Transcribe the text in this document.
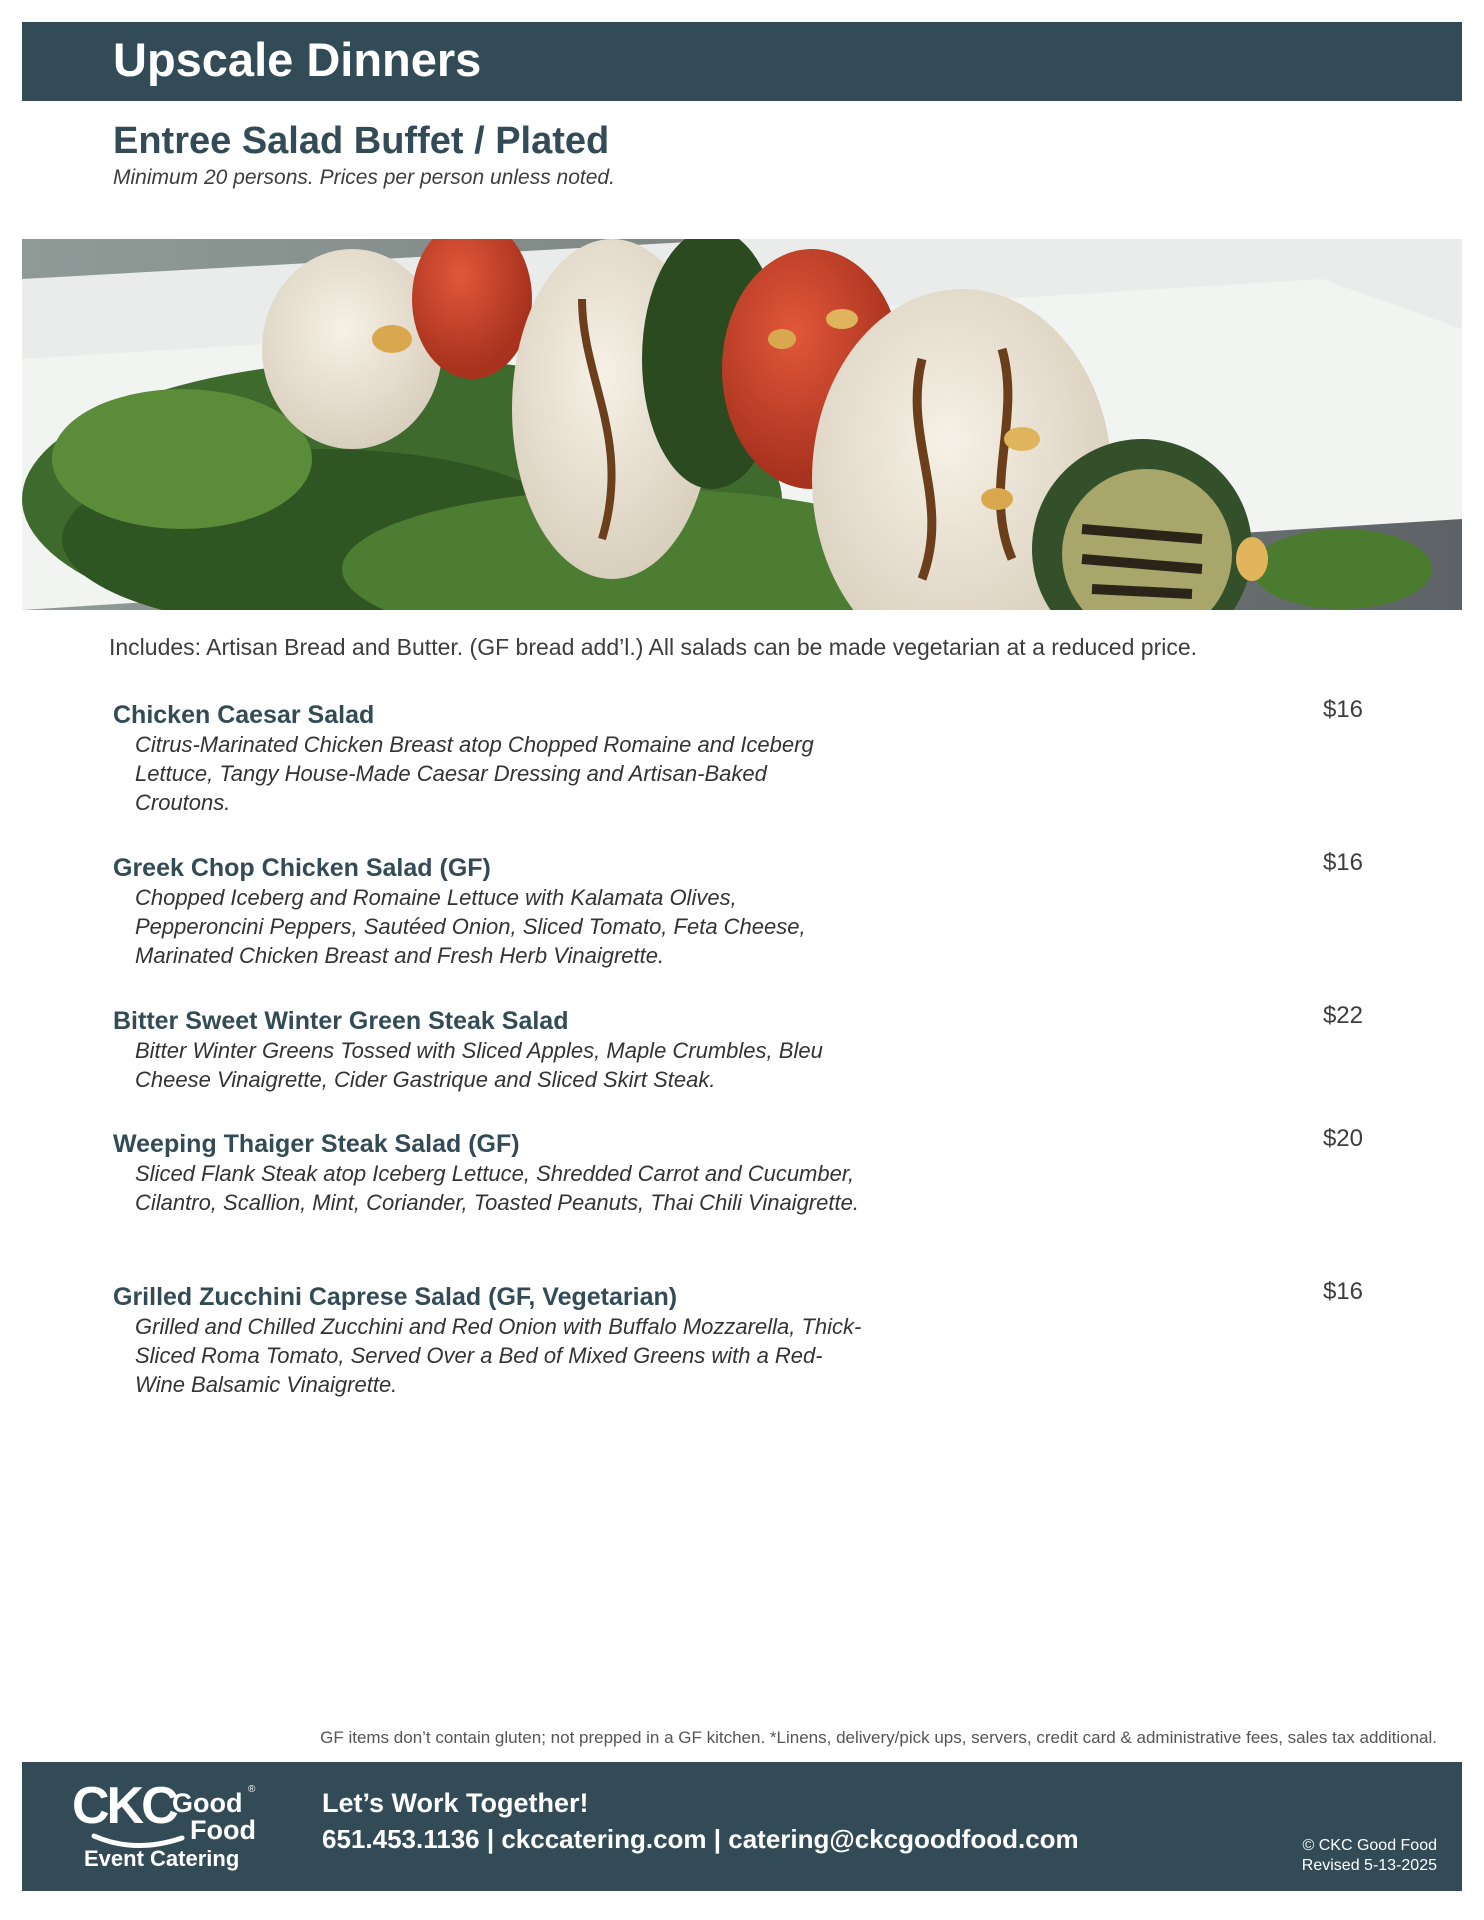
Upscale Dinners
Entree Salad Buffet / Plated
Minimum 20 persons. Prices per person unless noted.
Includes: Artisan Bread and Butter. (GF bread add’l.) All salads can be made vegetarian at a reduced price.
Chicken Caesar Salad	$16
Citrus-Marinated Chicken Breast atop Chopped Romaine and Iceberg Lettuce, Tangy House-Made Caesar Dressing and Artisan-Baked Croutons.
Greek Chop Chicken Salad (GF)	$16
Chopped Iceberg and Romaine Lettuce with Kalamata Olives, Pepperoncini Peppers, Sautéed Onion, Sliced Tomato, Feta Cheese, Marinated Chicken Breast and Fresh Herb Vinaigrette.
Bitter Sweet Winter Green Steak Salad	$22
Bitter Winter Greens Tossed with Sliced Apples, Maple Crumbles, Bleu Cheese Vinaigrette, Cider Gastrique and Sliced Skirt Steak.
Weeping Thaiger Steak Salad (GF)	$20
Sliced Flank Steak atop Iceberg Lettuce, Shredded Carrot and Cucumber, Cilantro, Scallion, Mint, Coriander, Toasted Peanuts, Thai Chili Vinaigrette.
Grilled Zucchini Caprese Salad (GF, Vegetarian)	$16
Grilled and Chilled Zucchini and Red Onion with Buffalo Mozzarella, Thick-Sliced Roma Tomato, Served Over a Bed of Mixed Greens with a Red-Wine Balsamic Vinaigrette.
GF items don’t contain gluten; not prepped in a GF kitchen. *Linens, delivery/pick ups, servers, credit card & administrative fees, sales tax additional.
CKC
Good ®
Food
Event Catering
Let’s Work Together!
651.453.1136 | ckccatering.com | catering@ckcgoodfood.com	© CKC Good Food
Revised 5-13-2025
